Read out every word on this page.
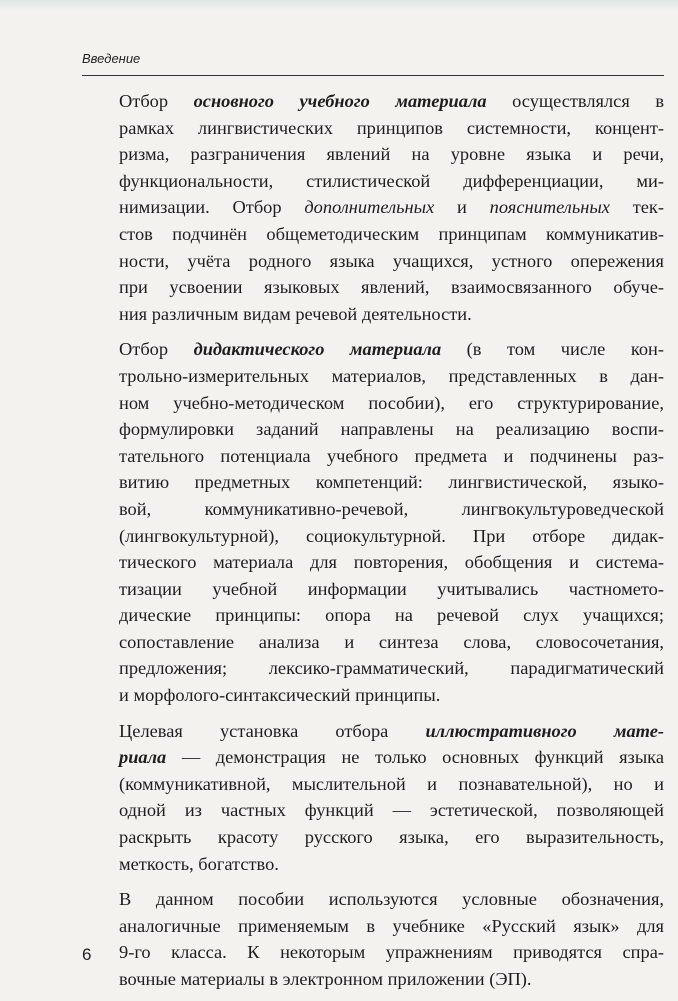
Введение
Отбор основного учебного материала осуществлялся в
рамках лингвистических принципов системности, концент-
ризма, разграничения явлений на уровне языка и речи,
функциональности, стилистической дифференциации, ми-
нимизации. Отбор дополнительных и пояснительных тек-
стов подчинён общеметодическим принципам коммуникатив-
ности, учёта родного языка учащихся, устного опережения
при усвоении языковых явлений, взаимосвязанного обуче-
ния различным видам речевой деятельности.
Отбор дидактического материала (в том числе кон-
трольно-измерительных материалов, представленных в дан-
ном учебно-методическом пособии), его структурирование,
формулировки заданий направлены на реализацию воспи-
тательного потенциала учебного предмета и подчинены раз-
витию предметных компетенций: лингвистической, языко-
вой, коммуникативно-речевой, лингвокультуроведческой
(лингвокультурной), социокультурной. При отборе дидак-
тического материала для повторения, обобщения и системa-
тизации учебной информации учитывались частномето-
дические принципы: опора на речевой слух учащихся;
сопоставление анализа и синтеза слова, словосочетания,
предложения; лексико-грамматический, парадигматический
и морфолого-синтаксический принципы.
Целевая установка отбора иллюстративного мате-
риала — демонстрация не только основных функций языка
(коммуникативной, мыслительной и познавательной), но и
одной из частных функций — эстетической, позволяющей
раскрыть красоту русского языка, его выразительность,
меткость, богатство.
В данном пособии используются условные обозначения,
аналогичные применяемым в учебнике «Русский язык» для
9-го класса. К некоторым упражнениям приводятся спра-
вочные материалы в электронном приложении (ЭП).
6
